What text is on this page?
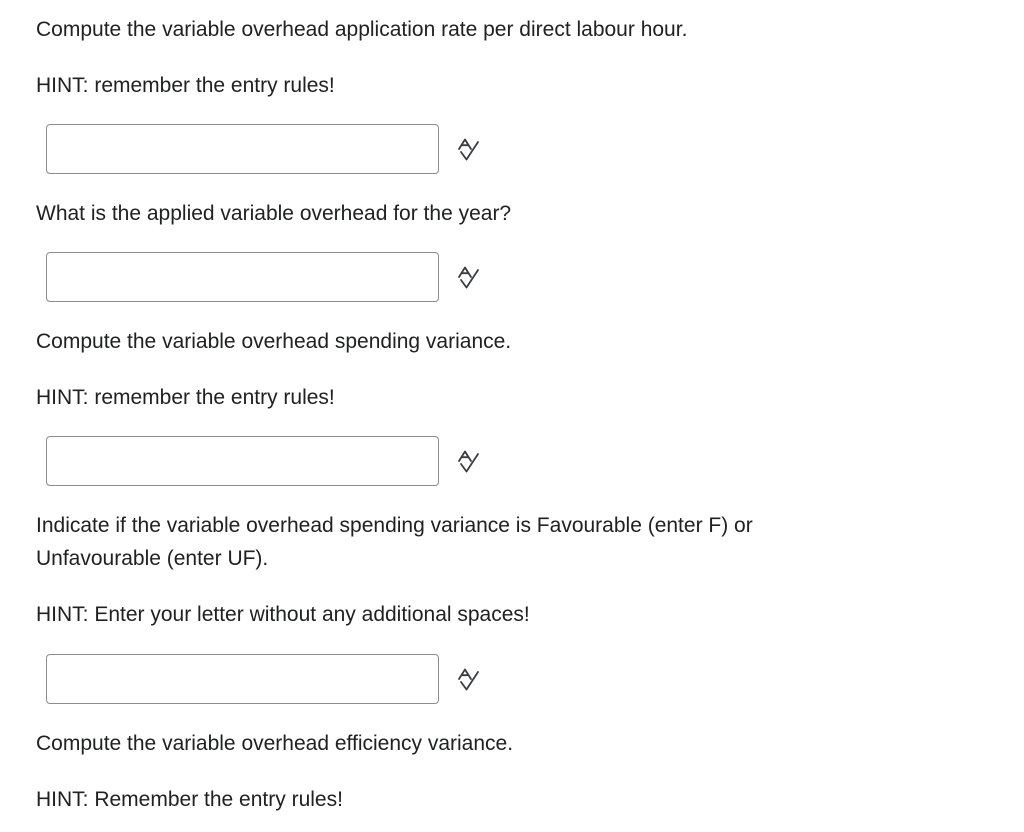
Compute the variable overhead application rate per direct labour hour.
HINT: remember the entry rules!
What is the applied variable overhead for the year?
Compute the variable overhead spending variance.
HINT: remember the entry rules!
Indicate if the variable overhead spending variance is Favourable (enter F) or
Unfavourable (enter UF).
HINT: Enter your letter without any additional spaces!
Compute the variable overhead efficiency variance.
HINT: Remember the entry rules!
